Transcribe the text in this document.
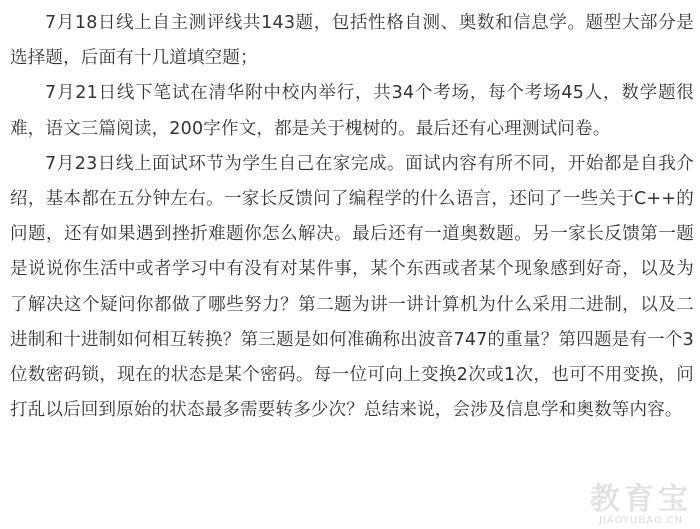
7月18日线上自主测评线共143题，包括性格自测、奥数和信息学。题型大部分是选择题，后面有十几道填空题；

7月21日线下笔试在清华附中校内举行，共34个考场，每个考场45人，数学题很难，语文三篇阅读，200字作文，都是关于槐树的。最后还有心理测试问卷。

7月23日线上面试环节为学生自己在家完成。面试内容有所不同，开始都是自我介绍，基本都在五分钟左右。一家长反馈问了编程学的什么语言，还问了一些关于C++的问题，还有如果遇到挫折难题你怎么解决。最后还有一道奥数题。另一家长反馈第一题是说说你生活中或者学习中有没有对某件事，某个东西或者某个现象感到好奇，以及为了解决这个疑问你都做了哪些努力？第二题为讲一讲计算机为什么采用二进制，以及二进制和十进制如何相互转换？第三题是如何准确称出波音747的重量？第四题是有一个3位数密码锁，现在的状态是某个密码。每一位可向上变换2次或1次，也可不用变换，问打乱以后回到原始的状态最多需要转多少次？总结来说，会涉及信息学和奥数等内容。

教育宝
JIAOYUBAO.CN
